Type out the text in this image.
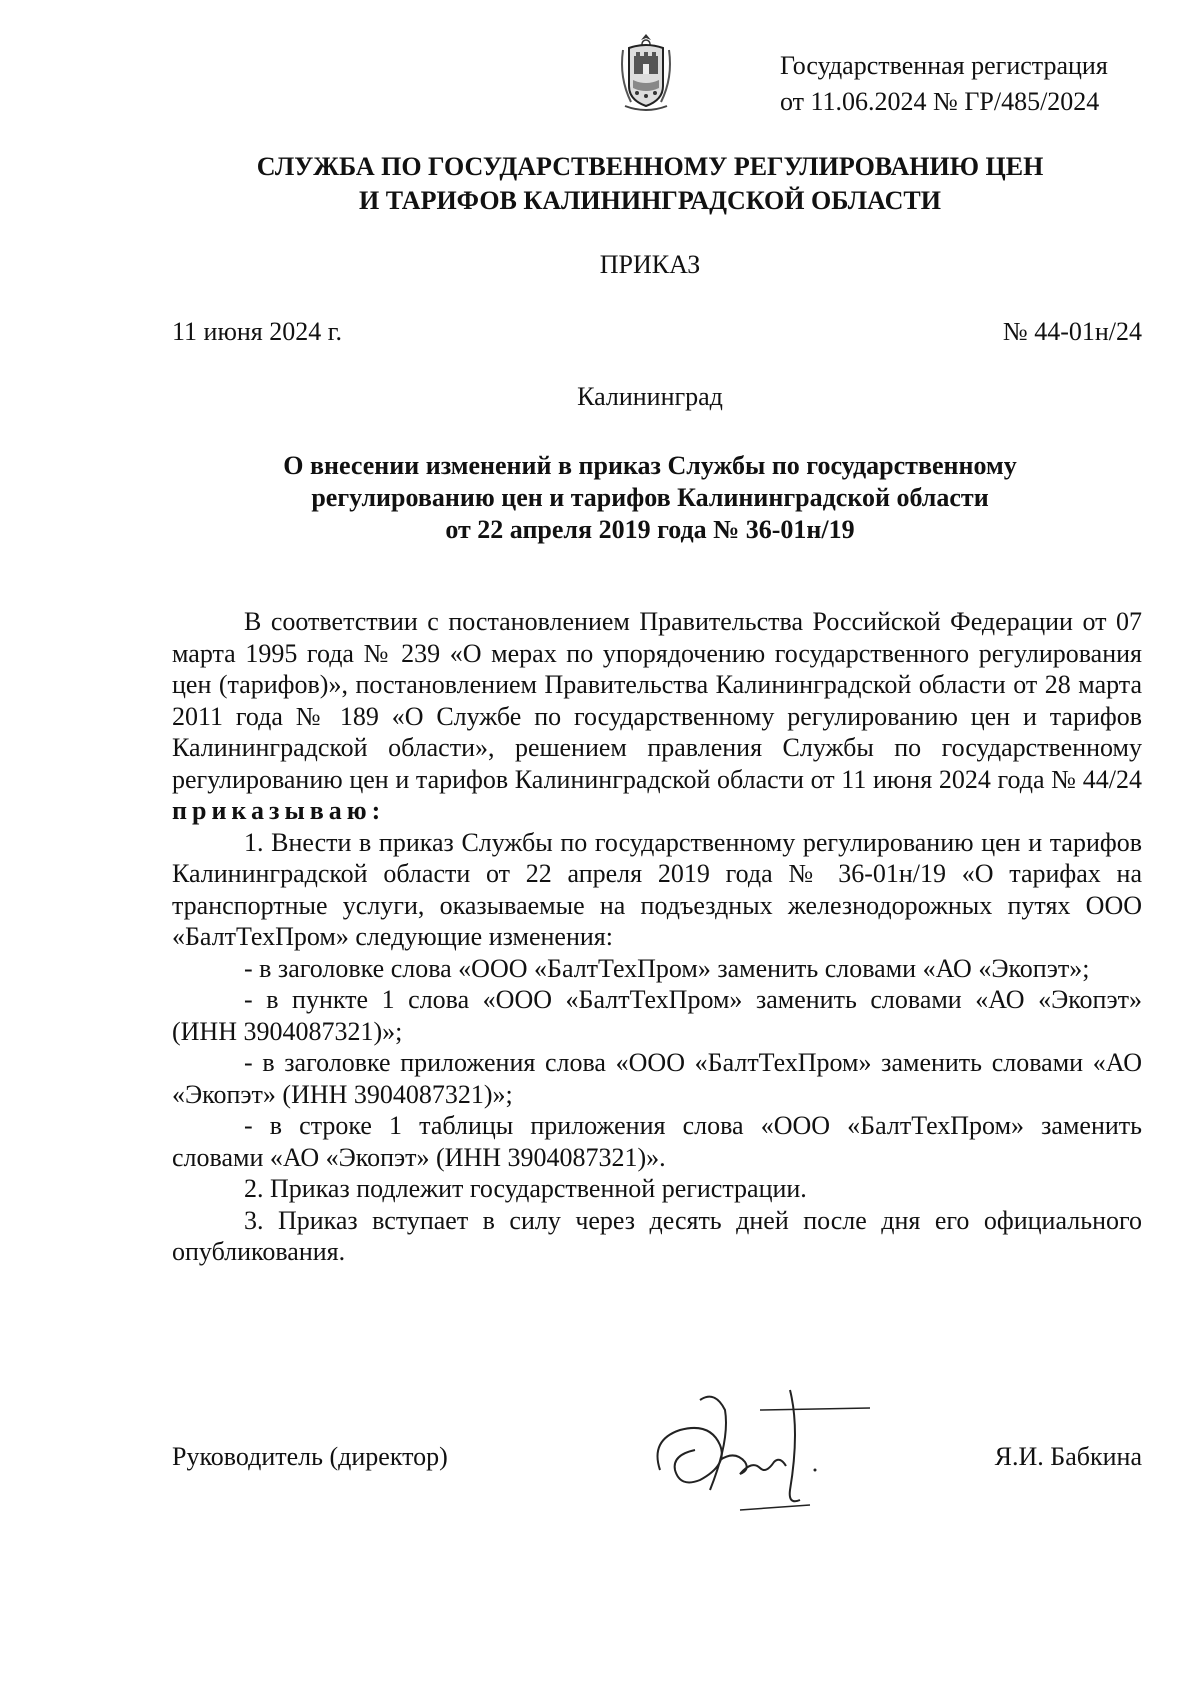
Государственная регистрация
от 11.06.2024 № ГР/485/2024
СЛУЖБА ПО ГОСУДАРСТВЕННОМУ РЕГУЛИРОВАНИЮ ЦЕН
И ТАРИФОВ КАЛИНИНГРАДСКОЙ ОБЛАСТИ
ПРИКАЗ
11 июня 2024 г.	№ 44-01н/24
Калининград
О внесении изменений в приказ Службы по государственному
регулированию цен и тарифов Калининградской области
от 22 апреля 2019 года № 36-01н/19

В соответствии с постановлением Правительства Российской Федерации от 07 марта 1995 года № 239 «О мерах по упорядочению государственного регулирования цен (тарифов)», постановлением Правительства Калининградской области от 28 марта 2011 года № 189 «О Службе по государственному регулированию цен и тарифов Калининградской области», решением правления Службы по государственному регулированию цен и тарифов Калининградской области от 11 июня 2024 года № 44/24 приказываю:

1. Внести в приказ Службы по государственному регулированию цен и тарифов Калининградской области от 22 апреля 2019 года № 36-01н/19 «О тарифах на транспортные услуги, оказываемые на подъездных железнодорожных путях ООО «БалтТехПром» следующие изменения:

- в заголовке слова «ООО «БалтТехПром» заменить словами «АО «Экопэт»;

- в пункте 1 слова «ООО «БалтТехПром» заменить словами «АО «Экопэт» (ИНН 3904087321)»;

- в заголовке приложения слова «ООО «БалтТехПром» заменить словами «АО «Экопэт» (ИНН 3904087321)»;

- в строке 1 таблицы приложения слова «ООО «БалтТехПром» заменить словами «АО «Экопэт» (ИНН 3904087321)».

2. Приказ подлежит государственной регистрации.

3. Приказ вступает в силу через десять дней после дня его официального опубликования.

Руководитель (директор)	Я.И. Бабкина
